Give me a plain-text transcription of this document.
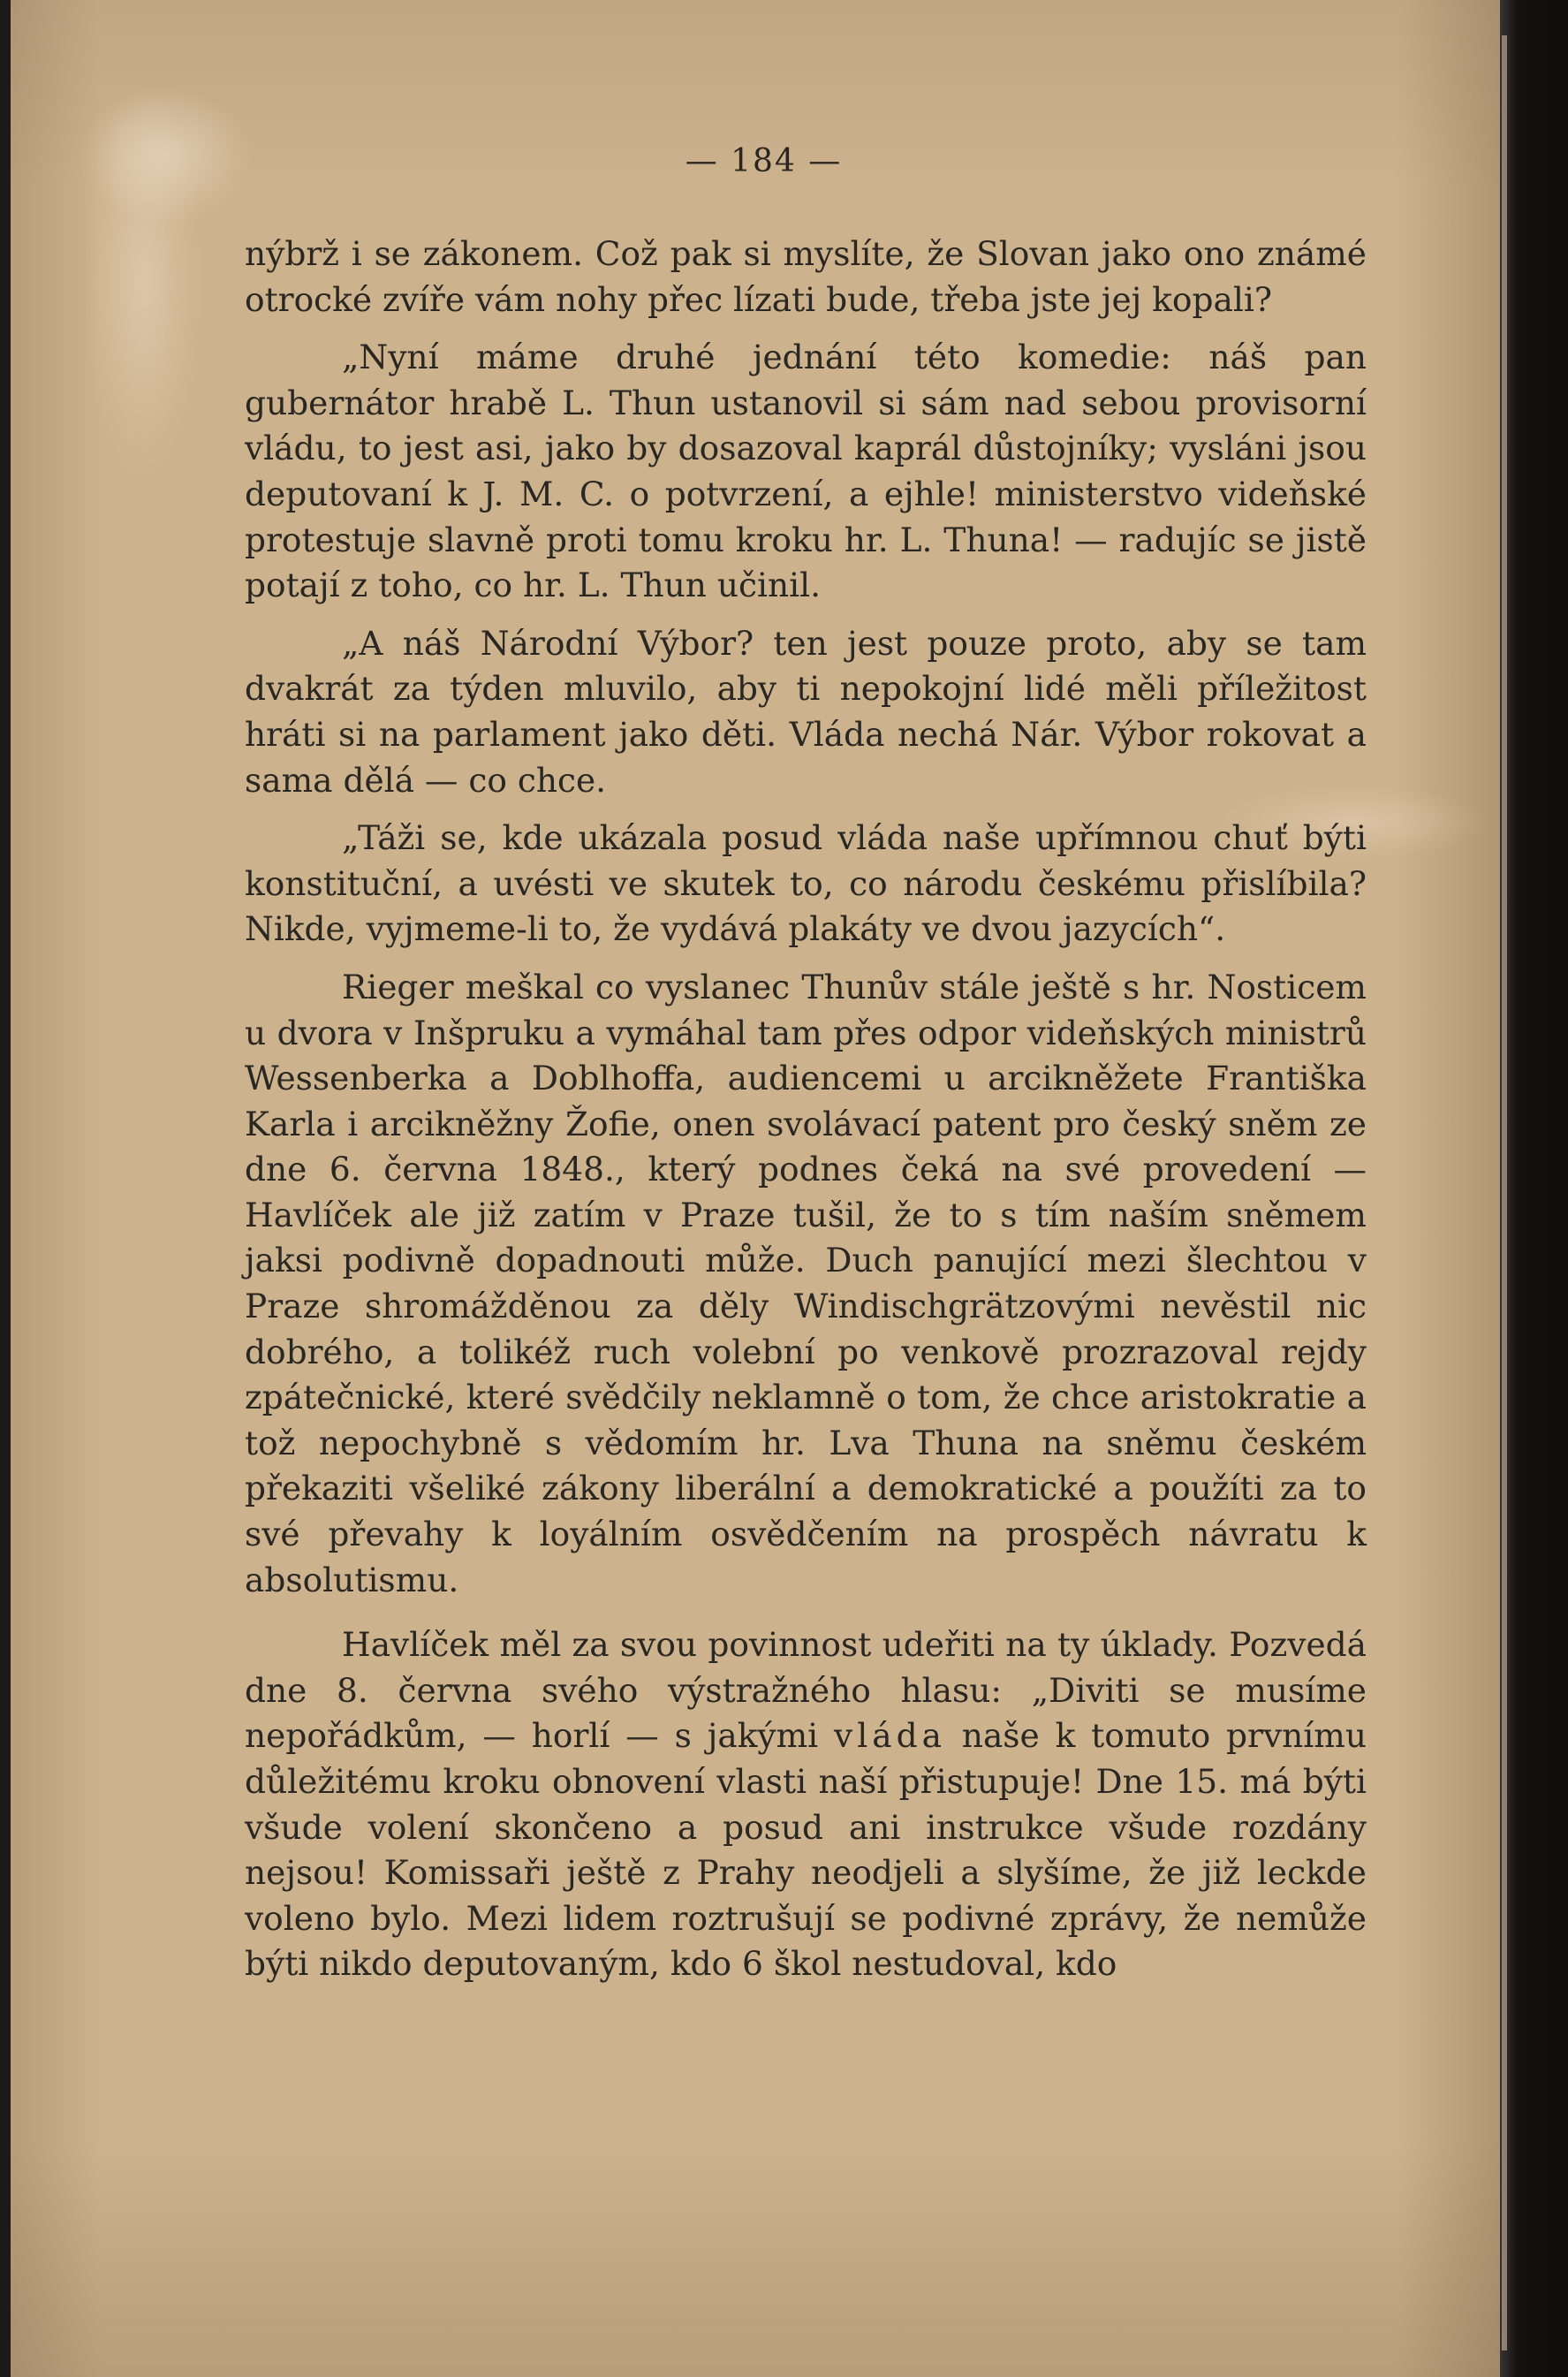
— 184 —

nýbrž i se zákonem. Což pak si myslíte, že Slovan jako ono známé otrocké zvíře vám nohy přec lízati bude, třeba jste jej kopali?

„Nyní máme druhé jednání této komedie: náš pan gubernátor hrabě L. Thun ustanovil si sám nad sebou provisorní vládu, to jest asi, jako by dosazoval kaprál důstojníky; vysláni jsou deputovaní k J. M. C. o potvrzení, a ejhle! ministerstvo videňské protestuje slavně proti tomu kroku hr. L. Thuna! — radujíc se jistě potají z toho, co hr. L. Thun učinil.

„A náš Národní Výbor? ten jest pouze proto, aby se tam dvakrát za týden mluvilo, aby ti nepokojní lidé měli příležitost hráti si na parlament jako děti. Vláda nechá Nár. Výbor rokovat a sama dělá — co chce.

„Táži se, kde ukázala posud vláda naše upřímnou chuť býti konstituční, a uvésti ve skutek to, co národu českému přislíbila? Nikde, vyjmeme-li to, že vydává plakáty ve dvou jazycích“.

Rieger meškal co vyslanec Thunův stále ještě s hr. Nosticem u dvora v Inšpruku a vymáhal tam přes odpor videňských ministrů Wessenberka a Doblhoffa, audiencemi u arcikněžete Františka Karla i arcikněžny Žofie, onen svolávací patent pro český sněm ze dne 6. června 1848., který podnes čeká na své provedení — Havlíček ale již zatím v Praze tušil, že to s tím naším sněmem jaksi podivně dopadnouti může. Duch panující mezi šlechtou v Praze shromážděnou za děly Windischgrätzovými nevěstil nic dobrého, a tolikéž ruch volební po venkově prozrazoval rejdy zpátečnické, které svědčily neklamně o tom, že chce aristokratie a tož nepochybně s vědomím hr. Lva Thuna na sněmu českém překaziti všeliké zákony liberální a demokratické a použíti za to své převahy k loyálním osvědčením na prospěch návratu k absolutismu.

Havlíček měl za svou povinnost udeřiti na ty úklady. Pozvedá dne 8. června svého výstražného hlasu: „Diviti se musíme nepořádkům, — horlí — s jakými vláda naše k tomuto prvnímu důležitému kroku obnovení vlasti naší přistupuje! Dne 15. má býti všude volení skončeno a posud ani instrukce všude rozdány nejsou! Komissaři ještě z Prahy neodjeli a slyšíme, že již leckde voleno bylo. Mezi lidem roztrušují se podivné zprávy, že nemůže býti nikdo deputovaným, kdo 6 škol nestudoval, kdo
